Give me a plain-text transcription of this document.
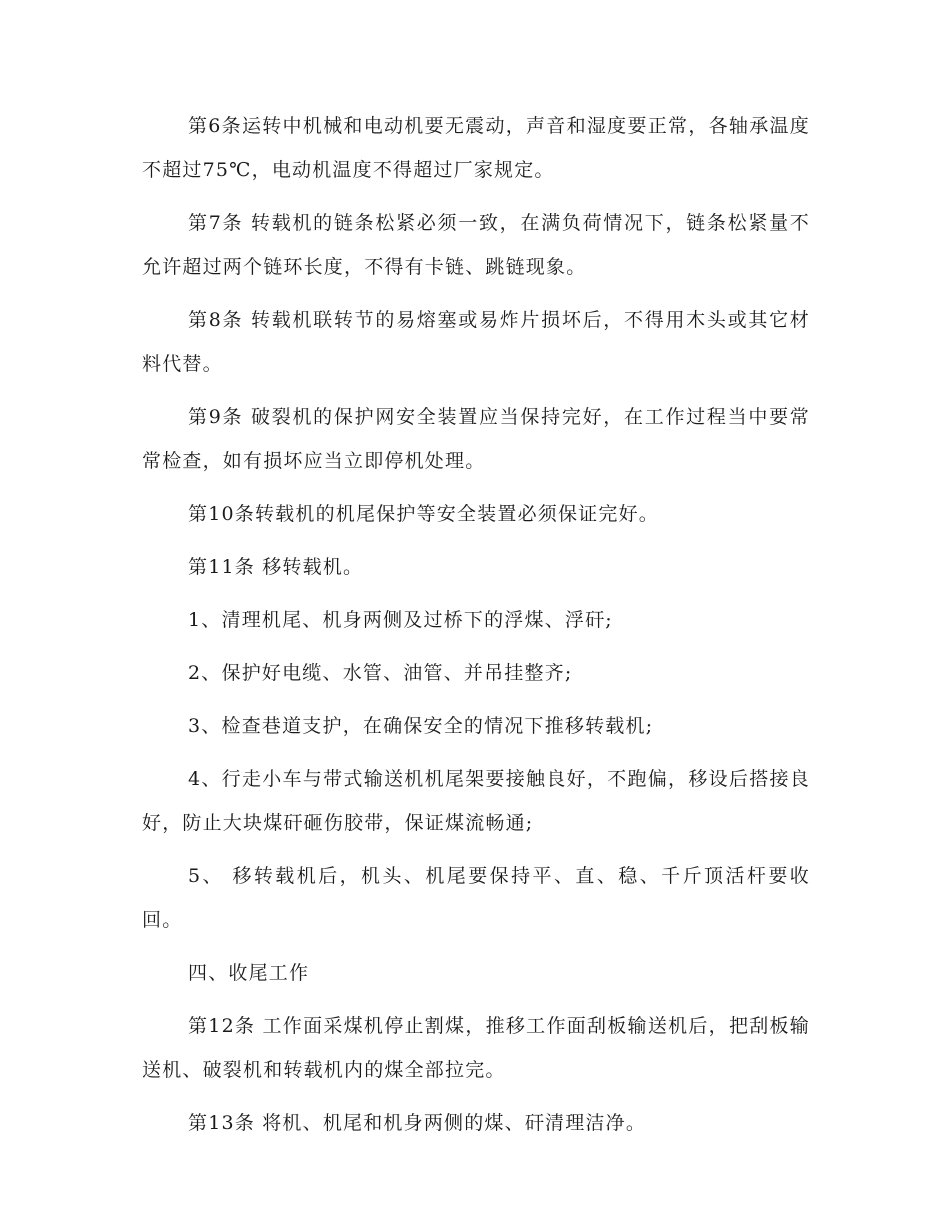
第6条运转中机械和电动机要无震动，声音和湿度要正常，各轴承温度不超过75℃，电动机温度不得超过厂家规定。

第7条 转载机的链条松紧必须一致，在满负荷情况下，链条松紧量不允许超过两个链环长度，不得有卡链、跳链现象。

第8条 转载机联转节的易熔塞或易炸片损坏后，不得用木头或其它材料代替。

第9条 破裂机的保护网安全装置应当保持完好，在工作过程当中要常常检查，如有损坏应当立即停机处理。

第10条转载机的机尾保护等安全装置必须保证完好。

第11条 移转载机。

1、清理机尾、机身两侧及过桥下的浮煤、浮矸;

2、保护好电缆、水管、油管、并吊挂整齐;

3、检查巷道支护，在确保安全的情况下推移转载机;

4、行走小车与带式输送机机尾架要接触良好，不跑偏，移设后搭接良好，防止大块煤矸砸伤胶带，保证煤流畅通;

5、 移转载机后，机头、机尾要保持平、直、稳、千斤顶活杆要收回。

四、收尾工作

第12条 工作面采煤机停止割煤，推移工作面刮板输送机后，把刮板输送机、破裂机和转载机内的煤全部拉完。

第13条 将机、机尾和机身两侧的煤、矸清理洁净。
